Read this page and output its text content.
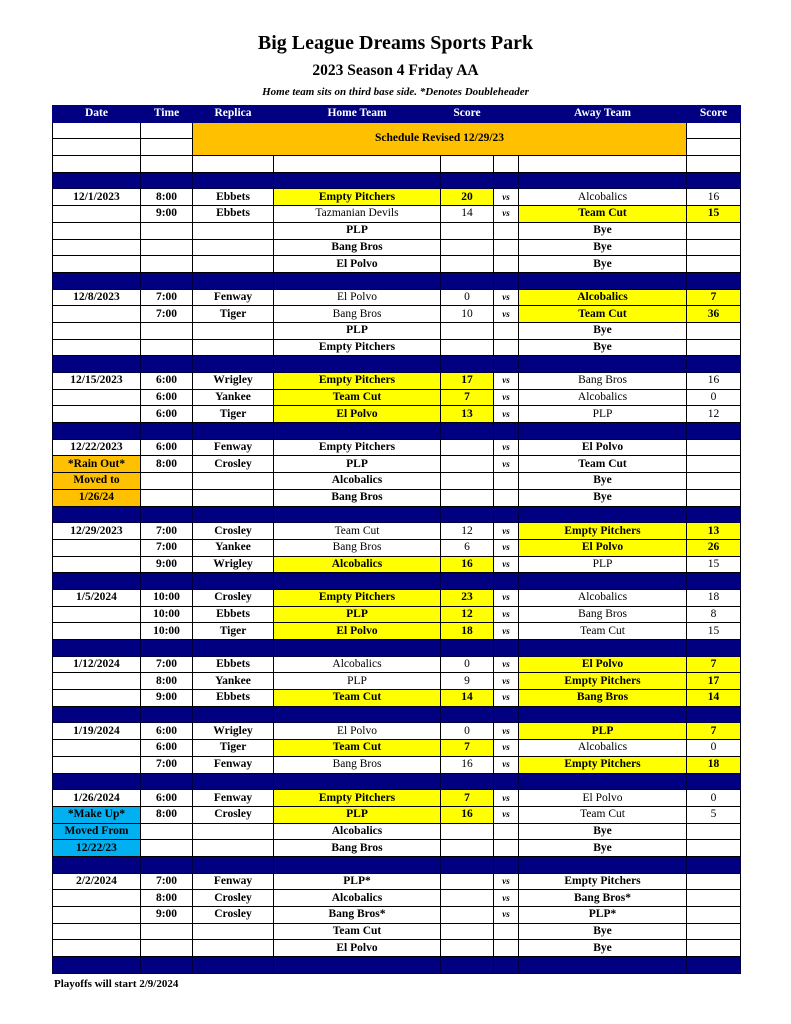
Big League Dreams Sports Park
2023 Season 4 Friday AA
Home team sits on third base side. *Denotes Doubleheader
Date	Time	Replica	Home Team	Score		Away Team	Score
		Schedule Revised 12/29/23					

12/1/2023	8:00	Ebbets	Empty Pitchers	20	vs	Alcobalics	16
	9:00	Ebbets	Tazmanian Devils	14	vs	Team Cut	15
			PLP			Bye	
			Bang Bros			Bye	
			El Polvo			Bye	

12/8/2023	7:00	Fenway	El Polvo	0	vs	Alcobalics	7
	7:00	Tiger	Bang Bros	10	vs	Team Cut	36
			PLP			Bye	
			Empty Pitchers			Bye	

12/15/2023	6:00	Wrigley	Empty Pitchers	17	vs	Bang Bros	16
	6:00	Yankee	Team Cut	7	vs	Alcobalics	0
	6:00	Tiger	El Polvo	13	vs	PLP	12

12/22/2023	6:00	Fenway	Empty Pitchers		vs	El Polvo	
*Rain Out*	8:00	Crosley	PLP		vs	Team Cut	
Moved to			Alcobalics			Bye	
1/26/24			Bang Bros			Bye	

12/29/2023	7:00	Crosley	Team Cut	12	vs	Empty Pitchers	13
	7:00	Yankee	Bang Bros	6	vs	El Polvo	26
	9:00	Wrigley	Alcobalics	16	vs	PLP	15

1/5/2024	10:00	Crosley	Empty Pitchers	23	vs	Alcobalics	18
	10:00	Ebbets	PLP	12	vs	Bang Bros	8
	10:00	Tiger	El Polvo	18	vs	Team Cut	15

1/12/2024	7:00	Ebbets	Alcobalics	0	vs	El Polvo	7
	8:00	Yankee	PLP	9	vs	Empty Pitchers	17
	9:00	Ebbets	Team Cut	14	vs	Bang Bros	14

1/19/2024	6:00	Wrigley	El Polvo	0	vs	PLP	7
	6:00	Tiger	Team Cut	7	vs	Alcobalics	0
	7:00	Fenway	Bang Bros	16	vs	Empty Pitchers	18

1/26/2024	6:00	Fenway	Empty Pitchers	7	vs	El Polvo	0
*Make Up*	8:00	Crosley	PLP	16	vs	Team Cut	5
Moved From			Alcobalics			Bye	
12/22/23			Bang Bros			Bye	

2/2/2024	7:00	Fenway	PLP*		vs	Empty Pitchers	
	8:00	Crosley	Alcobalics		vs	Bang Bros*	
	9:00	Crosley	Bang Bros*		vs	PLP*	
			Team Cut			Bye	
			El Polvo			Bye	

Playoffs will start 2/9/2024
